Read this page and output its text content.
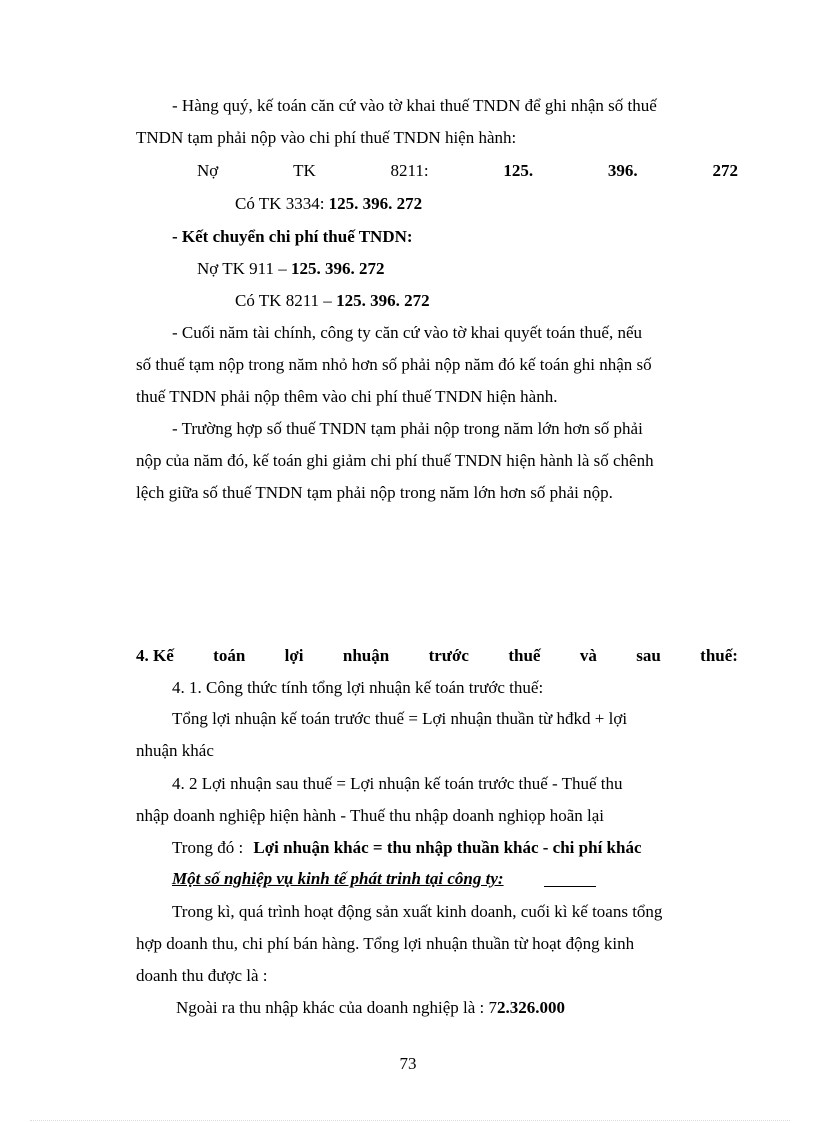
- Hàng quý, kế toán căn cứ vào tờ khai thuế TNDN để ghi nhận số thuế
TNDN tạm phải nộp vào chi phí thuế TNDN hiện hành:
Nợ	TK	8211:	125.	396.	272
Có TK 3334: 125. 396. 272
- Kết chuyển chi phí thuế TNDN:
Nợ TK 911 – 125. 396. 272
Có TK 8211 – 125. 396. 272
- Cuối năm tài chính, công ty căn cứ vào tờ khai quyết toán thuế, nếu
số thuế tạm nộp trong năm nhỏ hơn số phải nộp năm đó kế toán ghi nhận số
thuế TNDN phải nộp thêm vào chi phí thuế TNDN hiện hành.
- Trường hợp số thuế TNDN tạm phải nộp trong năm lớn hơn số phải
nộp của năm đó, kế toán ghi giảm chi phí thuế TNDN hiện hành là số chênh
lệch giữa số thuế TNDN tạm phải nộp trong năm lớn hơn số phải nộp.
4. Kế toán lợi nhuận trước thuế và sau thuế:
4. 1. Công thức tính tổng lợi nhuận kế toán trước thuế:
Tổng lợi nhuận kế toán trước thuế = Lợi nhuận thuần từ hđkd + lợi
nhuận khác
4. 2 Lợi nhuận sau thuế = Lợi nhuận kế toán trước thuế - Thuế thu
nhập doanh nghiệp hiện hành - Thuế thu nhập doanh nghiọp hoãn lại
Trong đó : Lợi nhuận khác = thu nhập thuần khác - chi phí khác
Một số nghiệp vụ kinh tế phát trinh tại công ty:
Trong kì, quá trình hoạt động sản xuất kinh doanh, cuối kì kế toans tổng
hợp doanh thu, chi phí bán hàng. Tổng lợi nhuận thuần từ hoạt động kinh
doanh thu được là :
Ngoài ra thu nhập khác của doanh nghiệp là : 72.326.000
73
